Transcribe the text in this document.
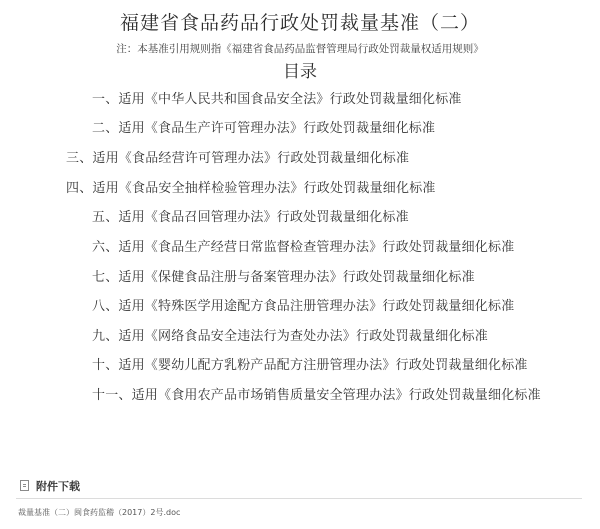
福建省食品药品行政处罚裁量基准（二）
注：本基准引用规则指《福建省食品药品监督管理局行政处罚裁量权适用规则》
目录
一、适用《中华人民共和国食品安全法》行政处罚裁量细化标准
二、适用《食品生产许可管理办法》行政处罚裁量细化标准
三、适用《食品经营许可管理办法》行政处罚裁量细化标准
四、适用《食品安全抽样检验管理办法》行政处罚裁量细化标准
五、适用《食品召回管理办法》行政处罚裁量细化标准
六、适用《食品生产经营日常监督检查管理办法》行政处罚裁量细化标准
七、适用《保健食品注册与备案管理办法》行政处罚裁量细化标准
八、适用《特殊医学用途配方食品注册管理办法》行政处罚裁量细化标准
九、适用《网络食品安全违法行为查处办法》行政处罚裁量细化标准
十、适用《婴幼儿配方乳粉产品配方注册管理办法》行政处罚裁量细化标准
十一、适用《食用农产品市场销售质量安全管理办法》行政处罚裁量细化标准
附件下载
裁量基准（二）闽食药监稽（2017）2号.doc
